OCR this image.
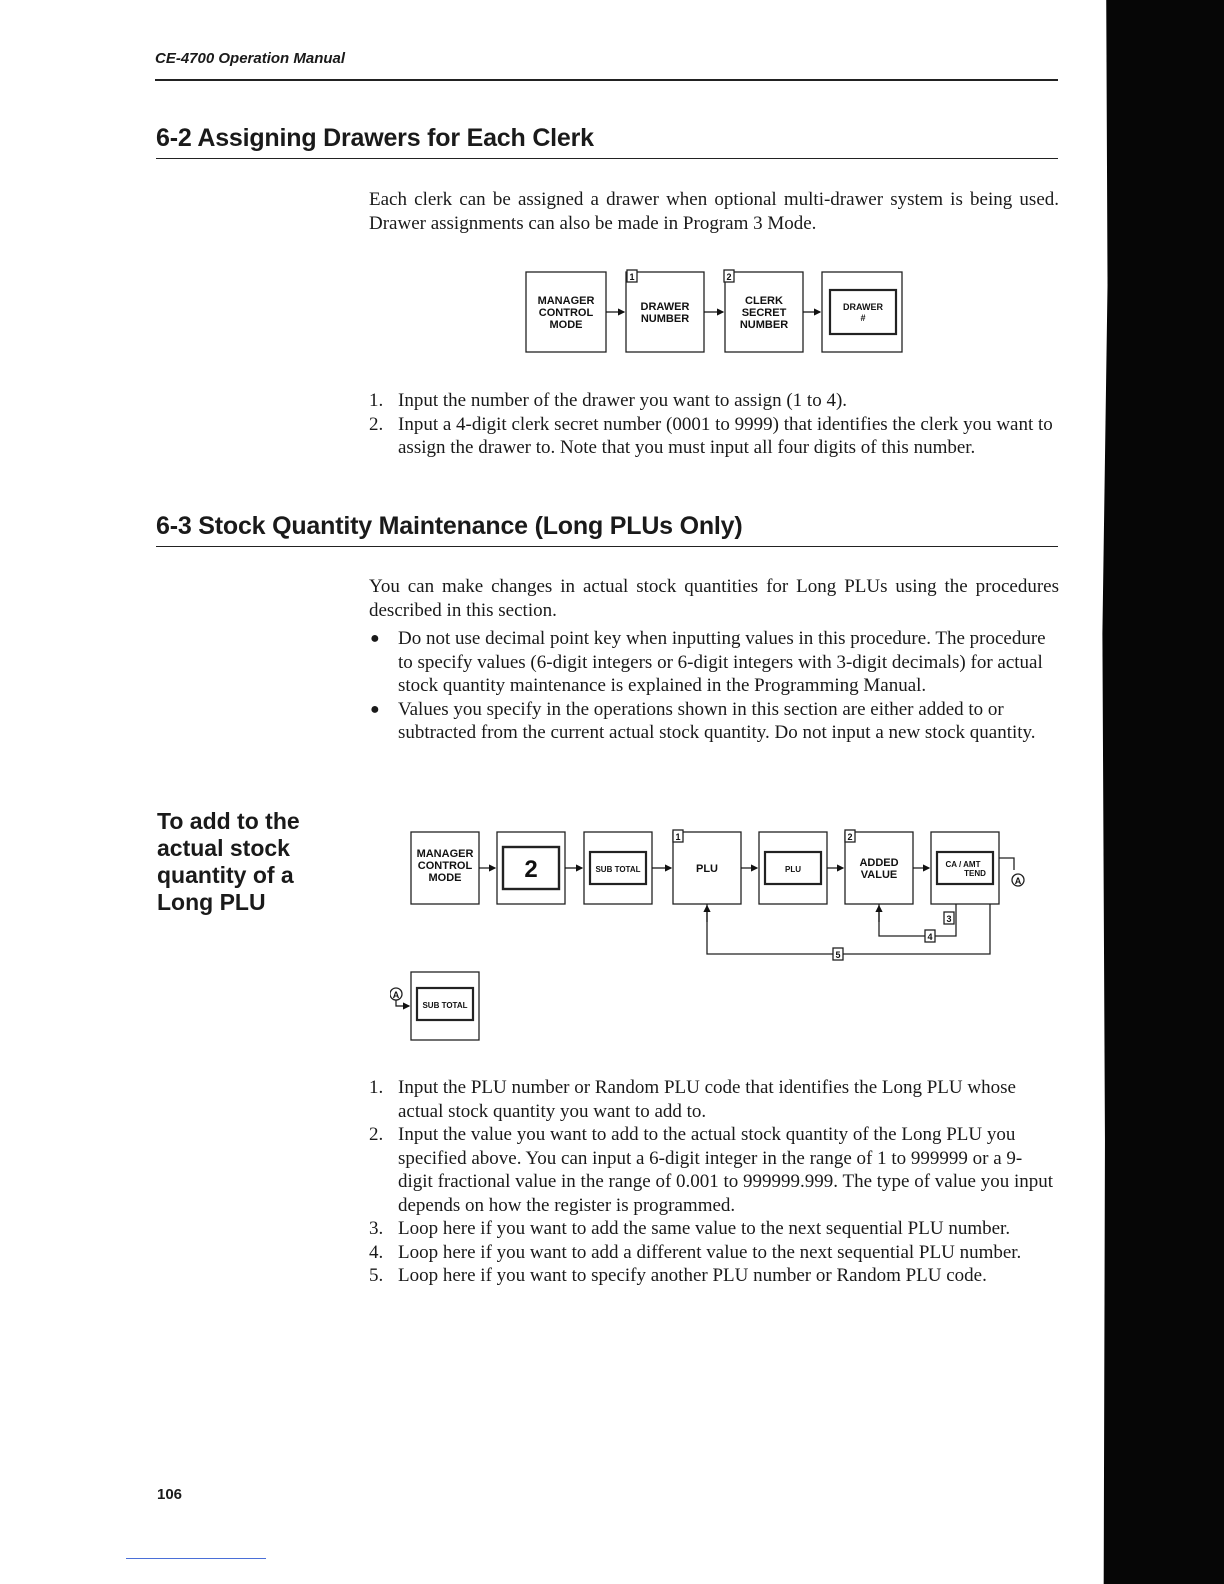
CE-4700 Operation Manual
6-2 Assigning Drawers for Each Clerk

Each clerk can be assigned a drawer when optional multi-drawer system is being used. Drawer assignments can also be made in Program 3 Mode.

MANAGER
CONTROL
MODE
DRAWER
NUMBER
CLERK
SECRET
NUMBER
DRAWER
#
1	2
1. Input the number of the drawer you want to assign (1 to 4).
2. Input a 4-digit clerk secret number (0001 to 9999) that identifies the clerk you want to assign the drawer to. Note that you must input all four digits of this number.
6-3 Stock Quantity Maintenance (Long PLUs Only)

You can make changes in actual stock quantities for Long PLUs using the procedures described in this section.

● Do not use decimal point key when inputting values in this procedure. The procedure to specify values (6-digit integers or 6-digit integers with 3-digit decimals) for actual stock quantity maintenance is explained in the Programming Manual.
● Values you specify in the operations shown in this section are either added to or subtracted from the current actual stock quantity. Do not input a new stock quantity.
To add to the actual stock quantity of a Long PLU
MANAGER
CONTROL
MODE	2	SUB TOTAL	PLU	PLU
ADDED
VALUE
CA / AMT
TEND
SUB TOTAL
A
A
1	2
3
4
5
1. Input the PLU number or Random PLU code that identifies the Long PLU whose actual stock quantity you want to add to.
2. Input the value you want to add to the actual stock quantity of the Long PLU you specified above. You can input a 6-digit integer in the range of 1 to 999999 or a 9-digit fractional value in the range of 0.001 to 999999.999. The type of value you input depends on how the register is programmed.
3. Loop here if you want to add the same value to the next sequential PLU number.
4. Loop here if you want to add a different value to the next sequential PLU number.
5. Loop here if you want to specify another PLU number or Random PLU code.
106
